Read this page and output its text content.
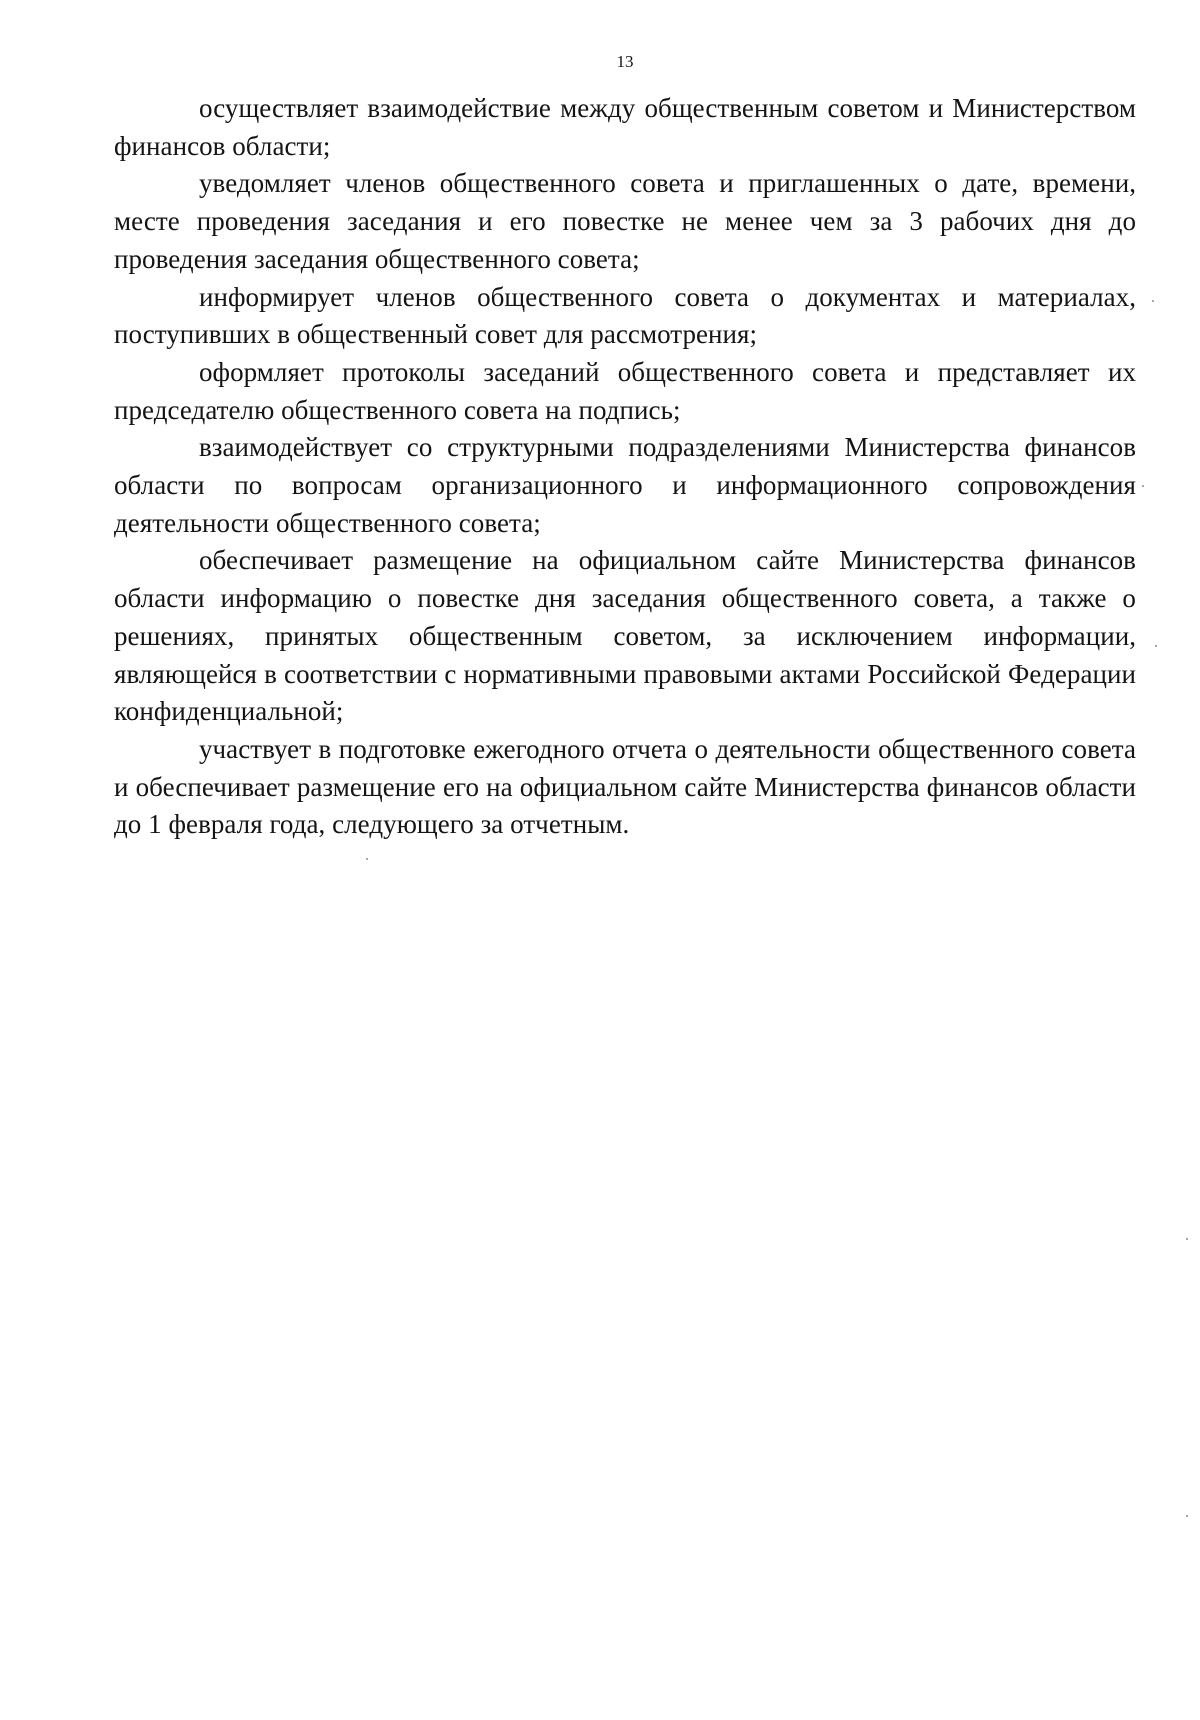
13

осуществляет взаимодействие между общественным советом и Министерством финансов области;

уведомляет членов общественного совета и приглашенных о дате, времени, месте проведения заседания и его повестке не менее чем за 3 рабочих дня до проведения заседания общественного совета;

информирует членов общественного совета о документах и материалах, поступивших в общественный совет для рассмотрения;

оформляет протоколы заседаний общественного совета и представляет их председателю общественного совета на подпись;

взаимодействует со структурными подразделениями Министерства финансов области по вопросам организационного и информационного сопровождения деятельности общественного совета;

обеспечивает размещение на официальном сайте Министерства финансов области информацию о повестке дня заседания общественного совета, а также о решениях, принятых общественным советом, за исключением информации, являющейся в соответствии с нормативными правовыми актами Российской Федерации конфиденциальной;

участвует в подготовке ежегодного отчета о деятельности общественного совета и обеспечивает размещение его на официальном сайте Министерства финансов области до 1 февраля года, следующего за отчетным.
